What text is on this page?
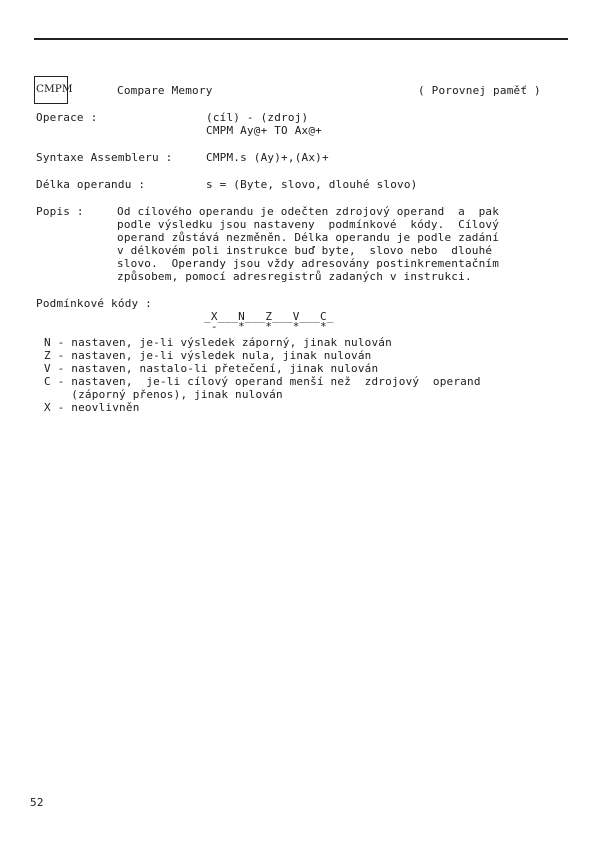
CMPM	Compare Memory	( Porovnej paměť )
Operace :	(cíl) - (zdroj)
CMPM Ay@+ TO Ax@+
Syntaxe Assembleru :	CMPM.s (Ay)+,(Ax)+
Délka operandu :	s = (Byte, slovo, dlouhé slovo)
Popis :	Od cílového operandu je odečten zdrojový operand  a  pak
podle výsledku jsou nastaveny  podmínkové  kódy.  Cílový
operand zůstává nezměněn. Délka operandu je podle zadání
v délkovém poli instrukce buď byte,  slovo nebo  dlouhé
slovo.  Operandy jsou vždy adresovány postinkrementačním
způsobem, pomocí adresregistrů zadaných v instrukci.
Podmínkové kódy :
_X___N___Z___V___C_
-   *   *   *   *
N - nastaven, je-li výsledek záporný, jinak nulován
Z - nastaven, je-li výsledek nula, jinak nulován
V - nastaven, nastalo-li přetečení, jinak nulován
C - nastaven,  je-li cílový operand menší než  zdrojový  operand
(záporný přenos), jinak nulován
X - neovlivněn
52
